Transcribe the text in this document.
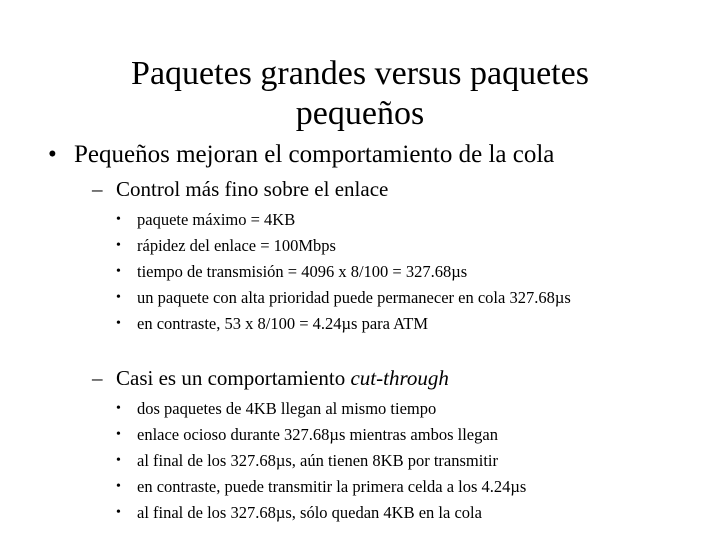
Paquetes grandes versus paquetes
pequeños
• Pequeños mejoran el comportamiento de la cola
– Control más fino sobre el enlace
• paquete máximo = 4KB
• rápidez del enlace = 100Mbps
• tiempo de transmisión = 4096 x 8/100 = 327.68µs
• un paquete con alta prioridad puede permanecer en cola 327.68µs
• en contraste, 53 x 8/100 = 4.24µs para ATM
– Casi es un comportamiento cut-through
• dos paquetes de 4KB llegan al mismo tiempo
• enlace ocioso durante 327.68µs mientras ambos llegan
• al final de los 327.68µs, aún tienen 8KB por transmitir
• en contraste, puede transmitir la primera celda a los 4.24µs
• al final de los 327.68µs, sólo quedan 4KB en la cola
